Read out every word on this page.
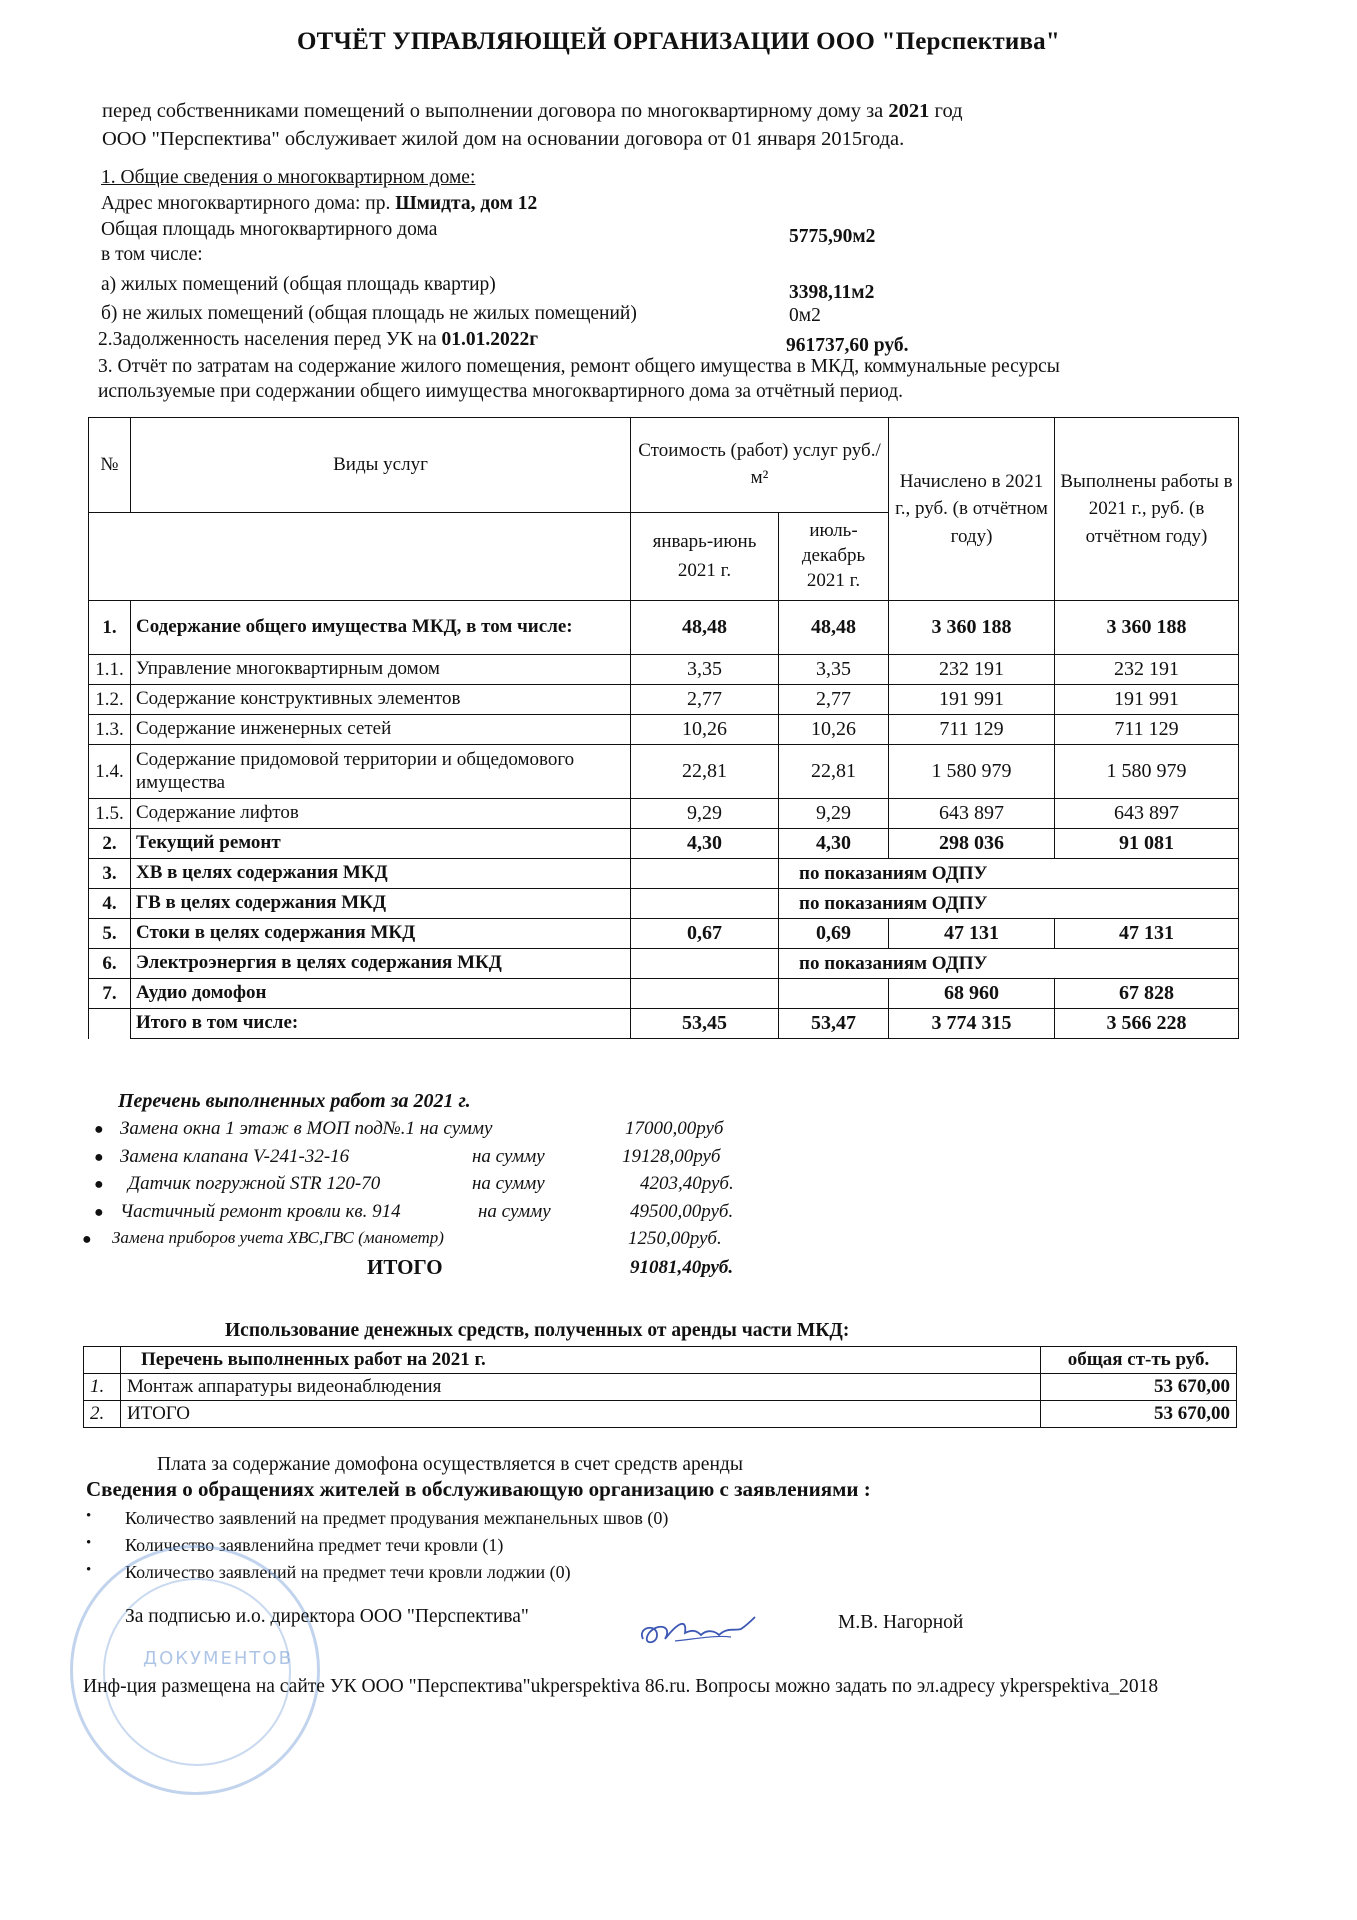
ОТЧЁТ УПРАВЛЯЮЩЕЙ ОРГАНИЗАЦИИ ООО "Перспектива"
перед собственниками помещений о выполнении договора по многоквартирному дому за 2021 год
ООО "Перспектива" обслуживает жилой дом на основании договора от 01 января 2015года.
1. Общие сведения о многоквартирном доме:
Адрес многоквартирного дома: пр. Шмидта, дом 12
Общая площадь многоквартирного дома	5775,90м2
в том числе:
а) жилых помещений (общая площадь квартир)	3398,11м2
б) не жилых помещений (общая площадь не жилых помещений)	0м2
2.Задолженность населения перед УК на 01.01.2022г	961737,60 руб.
3. Отчёт по затратам на содержание жилого помещения, ремонт общего имущества в МКД, коммунальные ресурсы
используемые при содержании общего иимущества многоквартирного дома за отчётный период.
№	Виды услуг	Стоимость (работ) услуг руб./м²		Начислено в 2021 г., руб. (в отчётном году)	Выполнены работы в 2021 г., руб. (в отчётном году)	
		январь-июнь 2021 г.	июль-декабрь 2021 г.			
1.	Содержание общего имущества МКД, в том числе:	48,48	48,48	3 360 188	3 360 188	
1.1.	Управление многоквартирным домом	3,35	3,35	232 191	232 191	
1.2.	Содержание конструктивных элементов	2,77	2,77	191 991	191 991	
1.3.	Содержание инженерных сетей	10,26	10,26	711 129	711 129	
1.4.	Содержание придомовой территории и общедомового имущества	22,81	22,81	1 580 979	1 580 979	
1.5.	Содержание лифтов	9,29	9,29	643 897	643 897	
2.	Текущий ремонт	4,30	4,30	298 036	91 081	
3.	ХВ в целях содержания МКД		по показаниям ОДПУ			
4.	ГВ в целях содержания МКД		по показаниям ОДПУ			
5.	Стоки в целях содержания МКД	0,67	0,69	47 131	47 131	
6.	Электроэнергия в целях содержания МКД		по показаниям ОДПУ			
7.	Аудио домофон			68 960	67 828	
	Итого в том числе:	53,45	53,47	3 774 315	3 566 228	
Перечень выполненных работ за 2021 г.
● Замена окна 1 этаж в МОП под№.1 на сумму	17000,00руб
● Замена клапана V-241-32-16	на сумму	19128,00руб
● Датчик погружной STR 120-70	на сумму	4203,40руб.
● Частичный ремонт кровли кв. 914	на сумму	49500,00руб.
● Замена приборов учета ХВС,ГВС (манометр)	1250,00руб.
ИТОГО	91081,40руб.
Использование денежных средств, полученных от аренды части МКД:
	Перечень выполненных работ на 2021 г.	общая ст-ть руб.
1.	Монтаж аппаратуры видеонаблюдения	53 670,00
2.	ИТОГО	53 670,00
Плата за содержание домофона осуществляется в счет средств аренды
Сведения о обращениях жителей в обслуживающую организацию с заявлениями :
• Количество заявлений на предмет продувания межпанельных швов (0)
• Количество заявленийна предмет течи кровли (1)
• Количество заявлений на предмет течи кровли лоджии (0)
ДОКУМЕНТОВ
За подписью и.о. директора ООО "Перспектива"	М.В. Нагорной
Инф-ция размещена на сайте УК ООО "Перспектива"ukperspektiva 86.ru. Вопросы можно задать по эл.адресу ykperspektiva_2018
